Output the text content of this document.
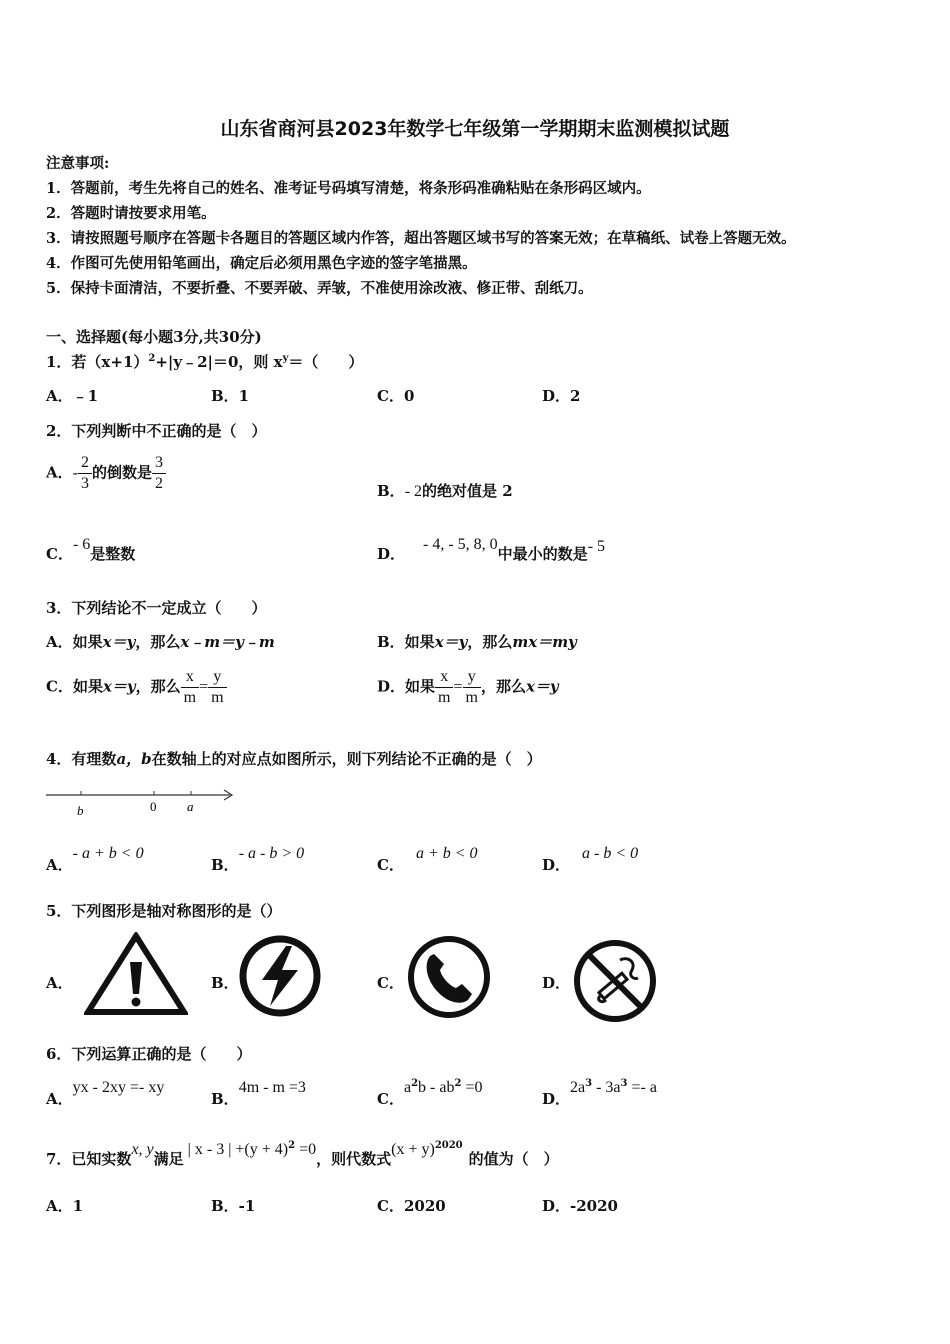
山东省商河县2023年数学七年级第一学期期末监测模拟试题
注意事项:
1．答题前，考生先将自己的姓名、准考证号码填写清楚，将条形码准确粘贴在条形码区域内。
2．答题时请按要求用笔。
3．请按照题号顺序在答题卡各题目的答题区域内作答，超出答题区域书写的答案无效；在草稿纸、试卷上答题无效。
4．作图可先使用铅笔画出，确定后必须用黑色字迹的签字笔描黑。
5．保持卡面清洁，不要折叠、不要弄破、弄皱，不准使用涂改液、修正带、刮纸刀。
一、选择题(每小题3分,共30分)
1．若$(x+1)^2+|y﹣2|=0$，则 $x^y=$（　　）
A．﹣1	B．1	C．0	D．2
2．下列判断中不正确的是（　）
A．- $\frac{2}{3}$ 的倒数是 $\frac{3}{2}$	B．- 2的绝对值是 2
C．- 6是整数	D．- 4, - 5, 8, 0中最小的数是- 5
3．下列结论不一定成立（　　）
A．如果x＝y，那么x﹣m＝y﹣m	B．如果x＝y，那么mx＝my
C．如果x＝y，那么 $\frac{x}{m} = \frac{y}{m}$	D．如果 $\frac{x}{m} = \frac{y}{m}$ ，那么x＝y
4．有理数a，b在数轴上的对应点如图所示，则下列结论不正确的是（　）
b	0 a
A．- a + b < 0
B．- a - b > 0
C．a + b < 0
D．a - b < 0
5．下列图形是轴对称图形的是（）
A．	B．	C．	D．
6．下列运算正确的是（　　）
A．yx - 2xy =- xy
B．4m - m =3
C．$a^2b - ab^2 =0$
D．$2a^3 - 3a^3 =- a$
7．已知实数x, y满足| x - 3 | $+(y + 4)^2 =0$，则代数式$(x + y)^{2020}$的值为（　）
A．1	B．-1	C．2020	D．-2020
